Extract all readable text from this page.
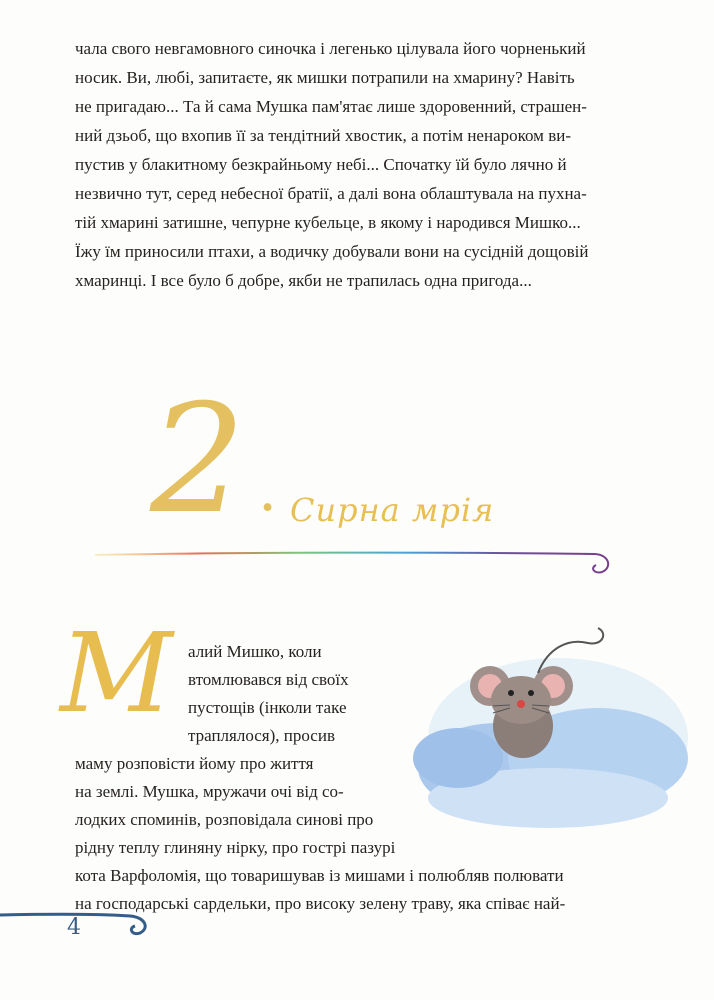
чала свого невгамовного синочка і легенько цілувала його чорненький
носик. Ви, любі, запитаєте, як мишки потрапили на хмарину? Навіть
не пригадаю... Та й сама Мушка пам'ятає лише здоровенний, страшен-
ний дзьоб, що вхопив її за тендітний хвостик, а потім ненароком ви-
пустив у блакитному безкрайньому небі... Спочатку їй було лячно й
незвично тут, серед небесної братії, а далі вона облаштувала на пухна-
тій хмарині затишне, чепурне кубельце, в якому і народився Мишко...
Їжу їм приносили птахи, а водичку добували вони на сусідній дощовій
хмаринці. І все було б добре, якби не трапилась одна пригода...
2 . Сирна мрія
М алий Мишко, коли
втомлювався від своїх
пустощів (інколи таке
траплялося), просив
маму розповісти йому про життя
на землі. Мушка, мружачи очі від со-
лодких споминів, розповідала синові про
рідну теплу глиняну нірку, про гострі пазурі
кота Варфоломія, що товаришував із мишами і полюбляв полювати
на господарські сардельки, про високу зелену траву, яка співає най-
4
